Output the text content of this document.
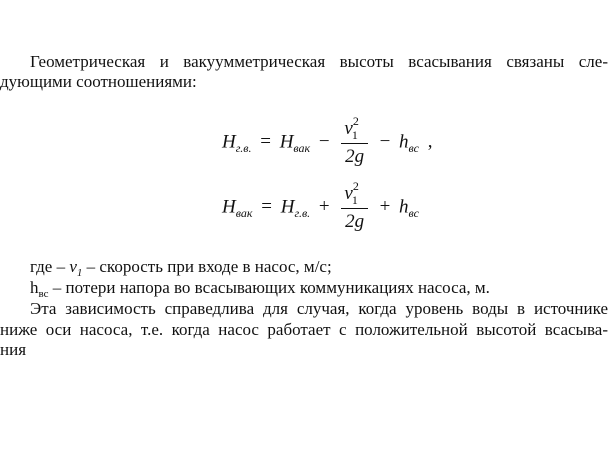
Геометрическая и вакуумметрическая высоты всасывания связаны сле-
дующими соотношениями:
$H_{г.в.} = H_{вак} - \frac{v^2_1}{2g} - h_{вс}$ ,
$H_{вак} = H_{г.в.} + \frac{v^2_1}{2g} + h_{вс}$
где – $v_1$ – скорость при входе в насос, м/с;
$h_{вс}$ – потери напора во всасывающих коммуникациях насоса, м.
Эта зависимость справедлива для случая, когда уровень воды в источнике
ниже оси насоса, т.е. когда насос работает с положительной высотой всасыва-
ния
